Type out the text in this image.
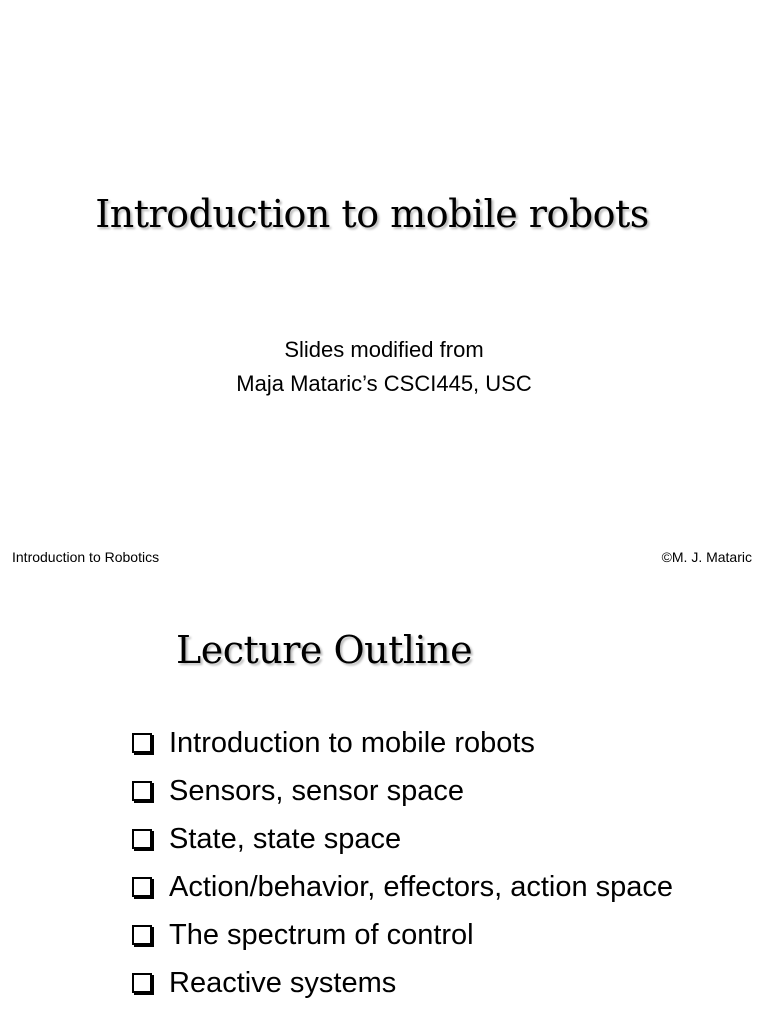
Introduction to mobile robots
Slides modified from
Maja Mataric’s CSCI445, USC
Introduction to Robotics	©M. J. Mataric
Lecture Outline
Introduction to mobile robots
Sensors, sensor space
State, state space
Action/behavior, effectors, action space
The spectrum of control
Reactive systems
